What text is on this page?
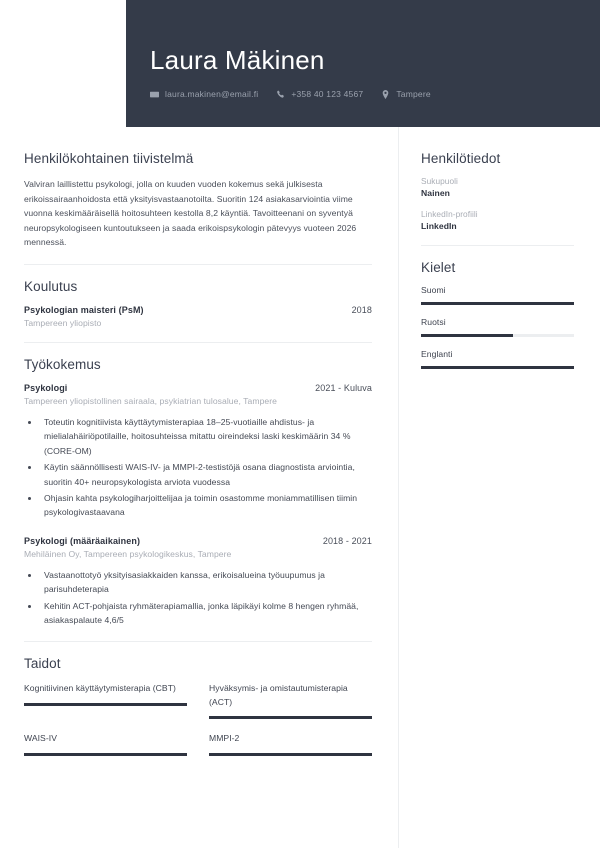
Laura Mäkinen
laura.makinen@email.fi	+358 40 123 4567	Tampere
Henkilökohtainen tiivistelmä
Valviran laillistettu psykologi, jolla on kuuden vuoden kokemus sekä julkisesta erikoissairaanhoidosta että yksityisvastaanotoilta. Suoritin 124 asiakasarviointia viime vuonna keskimääräisellä hoitosuhteen kestolla 8,2 käyntiä. Tavoitteenani on syventyä neuropsykologiseen kuntoutukseen ja saada erikoispsykologin pätevyys vuoteen 2026 mennessä.
Koulutus
Psykologian maisteri (PsM)	2018
Tampereen yliopisto
Työkokemus
Psykologi	2021 - Kuluva
Tampereen yliopistollinen sairaala, psykiatrian tulosalue, Tampere
• Toteutin kognitiivista käyttäytymisterapiaa 18–25-vuotiaille ahdistus- ja mielialahäiriöpotilaille, hoitosuhteissa mitattu oireindeksi laski keskimäärin 34 % (CORE-OM)
• Käytin säännöllisesti WAIS-IV- ja MMPI-2-testistöjä osana diagnostista arviointia, suoritin 40+ neuropsykologista arviota vuodessa
• Ohjasin kahta psykologiharjoittelijaa ja toimin osastomme moniammatillisen tiimin psykologivastaavana
Psykologi (määräaikainen)	2018 - 2021
Mehiläinen Oy, Tampereen psykologikeskus, Tampere
• Vastaanottotyö yksityisasiakkaiden kanssa, erikoisalueina työuupumus ja parisuhdeterapia
• Kehitin ACT-pohjaista ryhmäterapiamallia, jonka läpikäyi kolme 8 hengen ryhmää, asiakaspalaute 4,6/5
Taidot
Kognitiivinen käyttäytymisterapia (CBT)	Hyväksymis- ja omistautumisterapia (ACT)
WAIS-IV	MMPI-2
Henkilötiedot
Sukupuoli
Nainen
LinkedIn-profiili
LinkedIn
Kielet
Suomi
Ruotsi
Englanti
